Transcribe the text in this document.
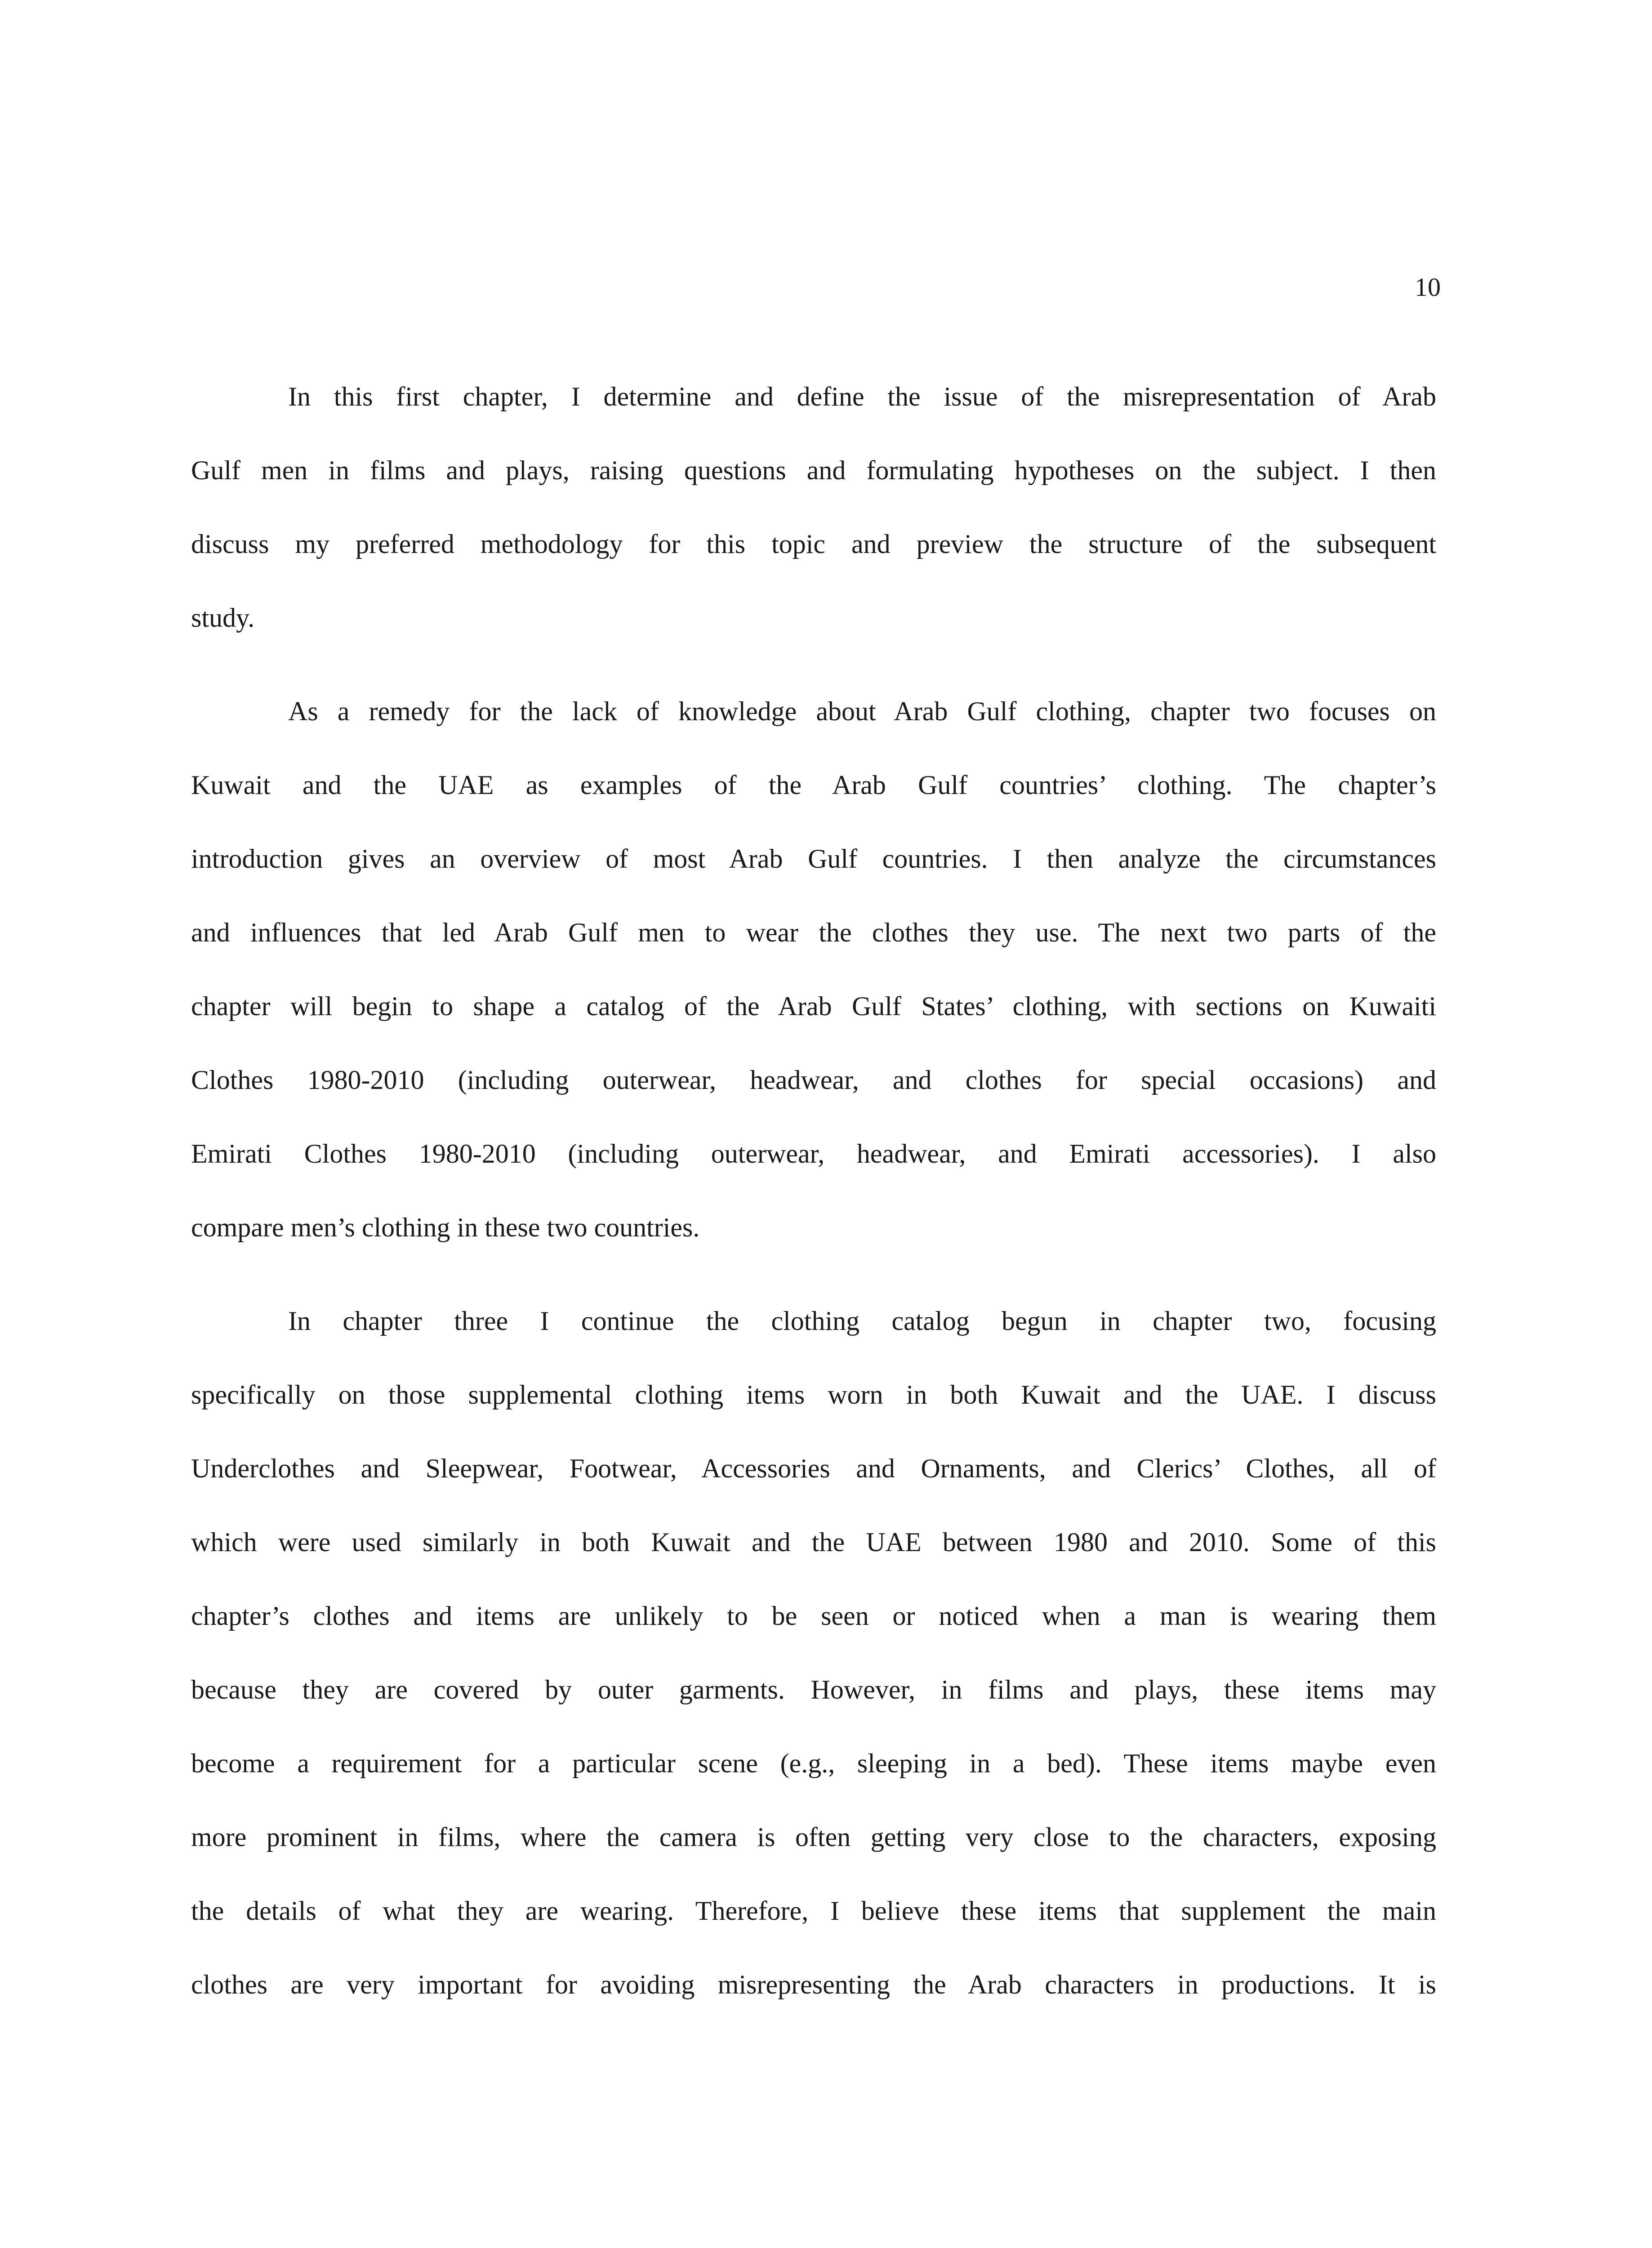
10
In this first chapter, I determine and define the issue of the misrepresentation of Arab
Gulf men in films and plays, raising questions and formulating hypotheses on the subject. I then
discuss my preferred methodology for this topic and preview the structure of the subsequent
study.
As a remedy for the lack of knowledge about Arab Gulf clothing, chapter two focuses on
Kuwait and the UAE as examples of the Arab Gulf countries’ clothing. The chapter’s
introduction gives an overview of most Arab Gulf countries. I then analyze the circumstances
and influences that led Arab Gulf men to wear the clothes they use. The next two parts of the
chapter will begin to shape a catalog of the Arab Gulf States’ clothing, with sections on Kuwaiti
Clothes 1980-2010 (including outerwear, headwear, and clothes for special occasions) and
Emirati Clothes 1980-2010 (including outerwear, headwear, and Emirati accessories). I also
compare men’s clothing in these two countries.
In chapter three I continue the clothing catalog begun in chapter two, focusing
specifically on those supplemental clothing items worn in both Kuwait and the UAE. I discuss
Underclothes and Sleepwear, Footwear, Accessories and Ornaments, and Clerics’ Clothes, all of
which were used similarly in both Kuwait and the UAE between 1980 and 2010. Some of this
chapter’s clothes and items are unlikely to be seen or noticed when a man is wearing them
because they are covered by outer garments. However, in films and plays, these items may
become a requirement for a particular scene (e.g., sleeping in a bed). These items maybe even
more prominent in films, where the camera is often getting very close to the characters, exposing
the details of what they are wearing. Therefore, I believe these items that supplement the main
clothes are very important for avoiding misrepresenting the Arab characters in productions. It is
